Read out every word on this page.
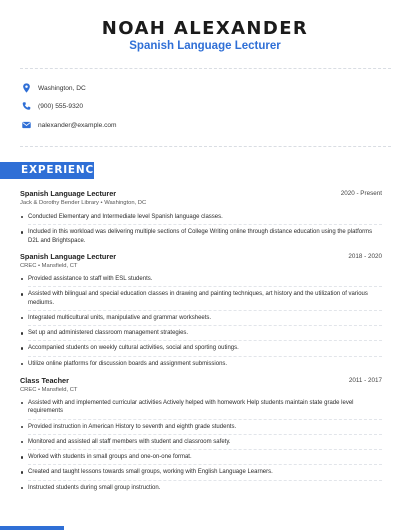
NOAH ALEXANDER
Spanish Language Lecturer
Washington, DC
(900) 555-9320
nalexander@example.com
EXPERIENCE
Spanish Language Lecturer	2020 - Present
Jack & Dorothy Bender Library • Washington, DC
Conducted Elementary and Intermediate level Spanish language classes.
Included in this workload was delivering multiple sections of College Writing online through distance education using the platforms D2L and Brightspace.
Spanish Language Lecturer	2018 - 2020
CREC • Mansfield, CT
Provided assistance to staff with ESL students.
Assisted with bilingual and special education classes in drawing and painting techniques, art history and the utilization of various mediums.
Integrated multicultural units, manipulative and grammar worksheets.
Set up and administered classroom management strategies.
Accompanied students on weekly cultural activities, social and sporting outings.
Utilize online platforms for discussion boards and assignment submissions.
Class Teacher	2011 - 2017
CREC • Mansfield, CT
Assisted with and implemented curricular activities Actively helped with homework Help students maintain state grade level requirements
Provided instruction in American History to seventh and eighth grade students.
Monitored and assisted all staff members with student and classroom safety.
Worked with students in small groups and one-on-one format.
Created and taught lessons towards small groups, working with English Language Learners.
Instructed students during small group instruction.
